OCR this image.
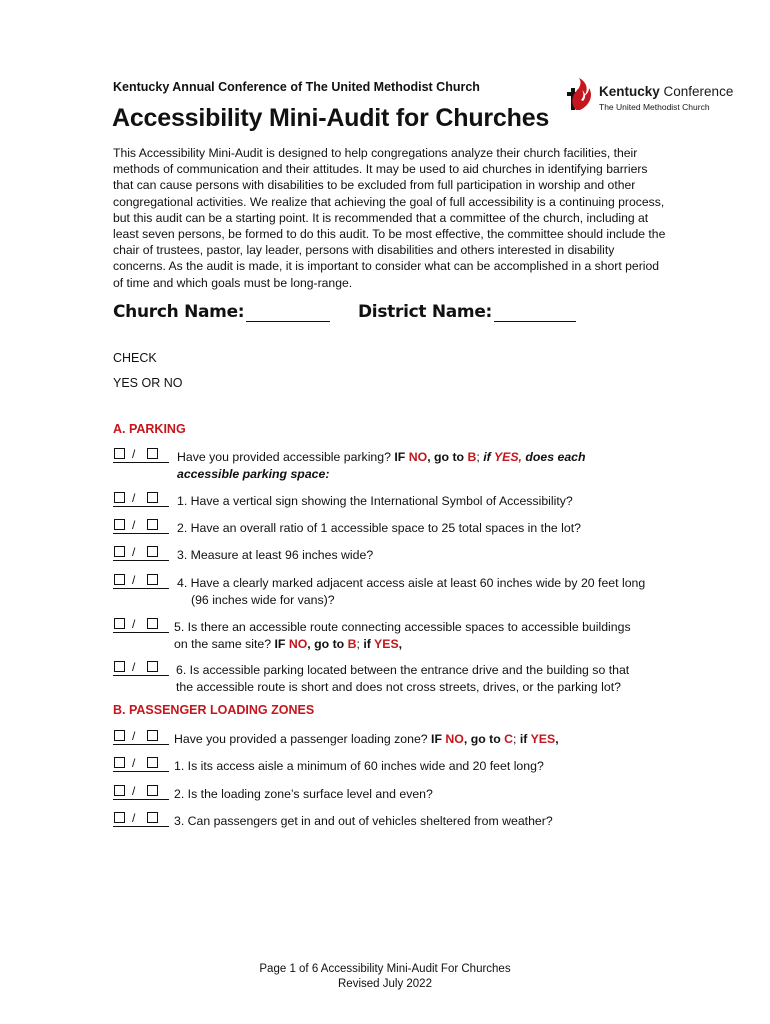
Kentucky Annual Conference of The United Methodist Church
Accessibility Mini-Audit for Churches
Kentucky Conference
The United Methodist Church
This Accessibility Mini-Audit is designed to help congregations analyze their church facilities, their methods of communication and their attitudes. It may be used to aid churches in identifying barriers that can cause persons with disabilities to be excluded from full participation in worship and other congregational activities. We realize that achieving the goal of full accessibility is a continuing process, but this audit can be a starting point. It is recommended that a committee of the church, including at least seven persons, be formed to do this audit. To be most effective, the committee should include the chair of trustees, pastor, lay leader, persons with disabilities and others interested in disability concerns. As the audit is made, it is important to consider what can be accomplished in a short period of time and which goals must be long-range.
Church Name:	District Name:
CHECK
YES OR NO
A. PARKING
/	Have you provided accessible parking? IF NO, go to B; if YES, does each
accessible parking space:
/	1. Have a vertical sign showing the International Symbol of Accessibility?
/	2. Have an overall ratio of 1 accessible space to 25 total spaces in the lot?
/	3. Measure at least 96 inches wide?
/	4. Have a clearly marked adjacent access aisle at least 60 inches wide by 20 feet long
(96 inches wide for vans)?
/	5. Is there an accessible route connecting accessible spaces to accessible buildings
on the same site? IF NO, go to B; if YES,
/	6. Is accessible parking located between the entrance drive and the building so that
the accessible route is short and does not cross streets, drives, or the parking lot?
B. PASSENGER LOADING ZONES
/	Have you provided a passenger loading zone? IF NO, go to C; if YES,
/	1. Is its access aisle a minimum of 60 inches wide and 20 feet long?
/	2. Is the loading zone’s surface level and even?
/	3. Can passengers get in and out of vehicles sheltered from weather?
Page 1 of 6 Accessibility Mini-Audit For Churches
Revised July 2022
